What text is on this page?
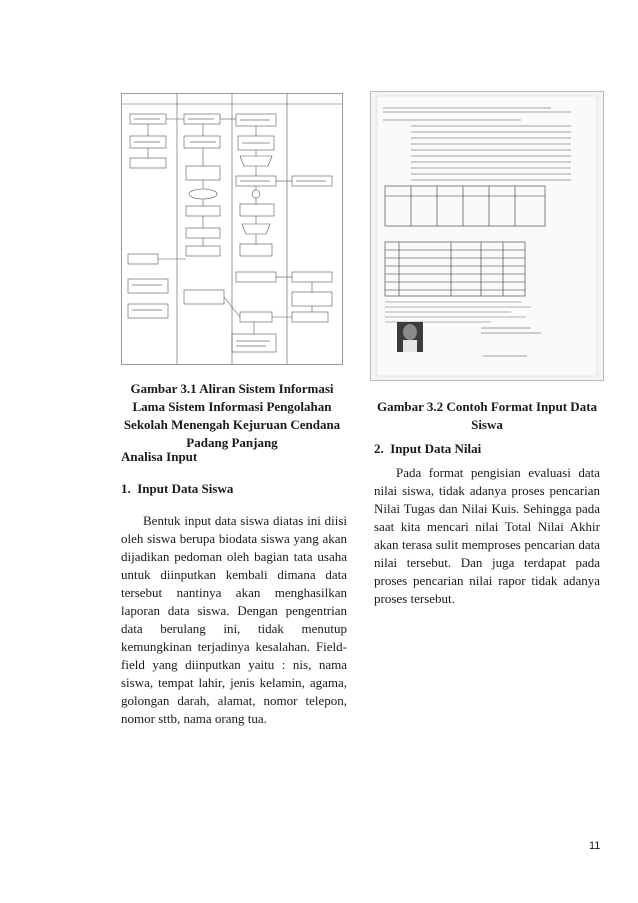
Gambar 3.1 Aliran Sistem Informasi Lama Sistem Informasi Pengolahan Sekolah Menengah Kejuruan Cendana Padang Panjang
Gambar 3.2 Contoh Format Input Data Siswa
Analisa Input
1.  Input Data Siswa
Bentuk input data siswa diatas ini diisi oleh siswa berupa biodata siswa yang akan dijadikan pedoman oleh bagian tata usaha untuk diinputkan kembali dimana data tersebut nantinya akan menghasilkan laporan data siswa. Dengan pengentrian data berulang ini, tidak menutup kemungkinan terjadinya kesalahan. Field-field yang diinputkan yaitu : nis, nama siswa, tempat lahir, jenis kelamin, agama, golongan darah, alamat, nomor telepon, nomor sttb, nama orang tua.
2.  Input Data Nilai
Pada format pengisian evaluasi data nilai siswa, tidak adanya proses pencarian Nilai Tugas dan Nilai Kuis. Sehingga pada saat kita mencari nilai Total Nilai Akhir akan terasa sulit memproses pencarian data nilai tersebut. Dan juga terdapat pada proses pencarian nilai rapor tidak adanya proses tersebut.
11
